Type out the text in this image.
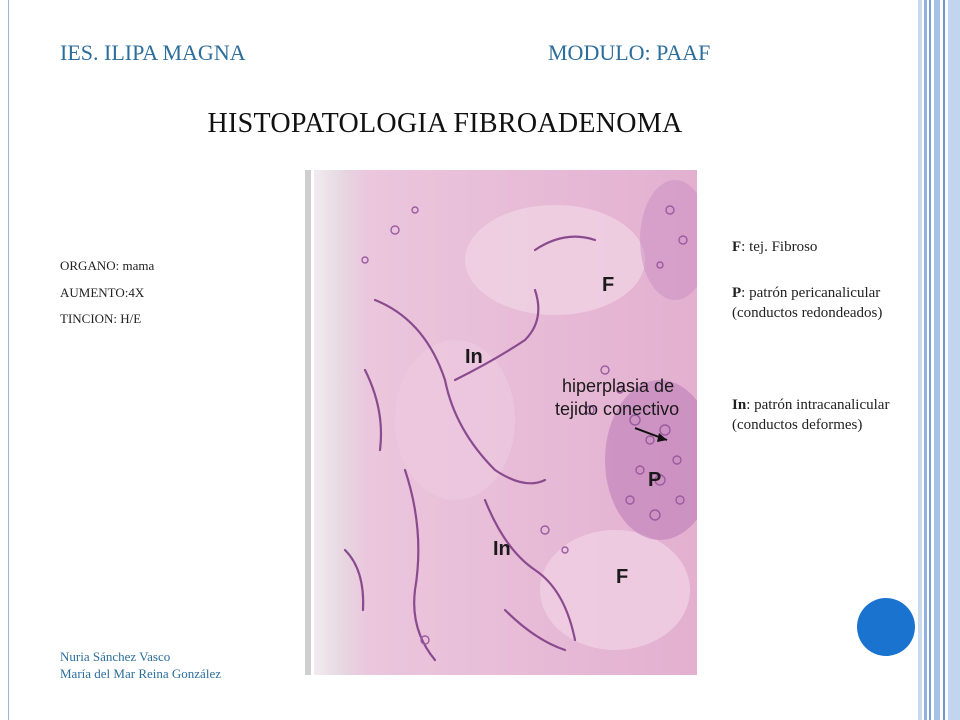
IES. ILIPA MAGNA	MODULO: PAAF
HISTOPATOLOGIA FIBROADENOMA
ORGANO: mama
AUMENTO:4X
TINCION: H/E
F
In
hiperplasia de
tejido conectivo
P
In
F
F: tej. Fibroso
P: patrón pericanalicular (conductos redondeados)
In: patrón intracanalicular (conductos deformes)
Nuria Sánchez Vasco
María del Mar Reina González
